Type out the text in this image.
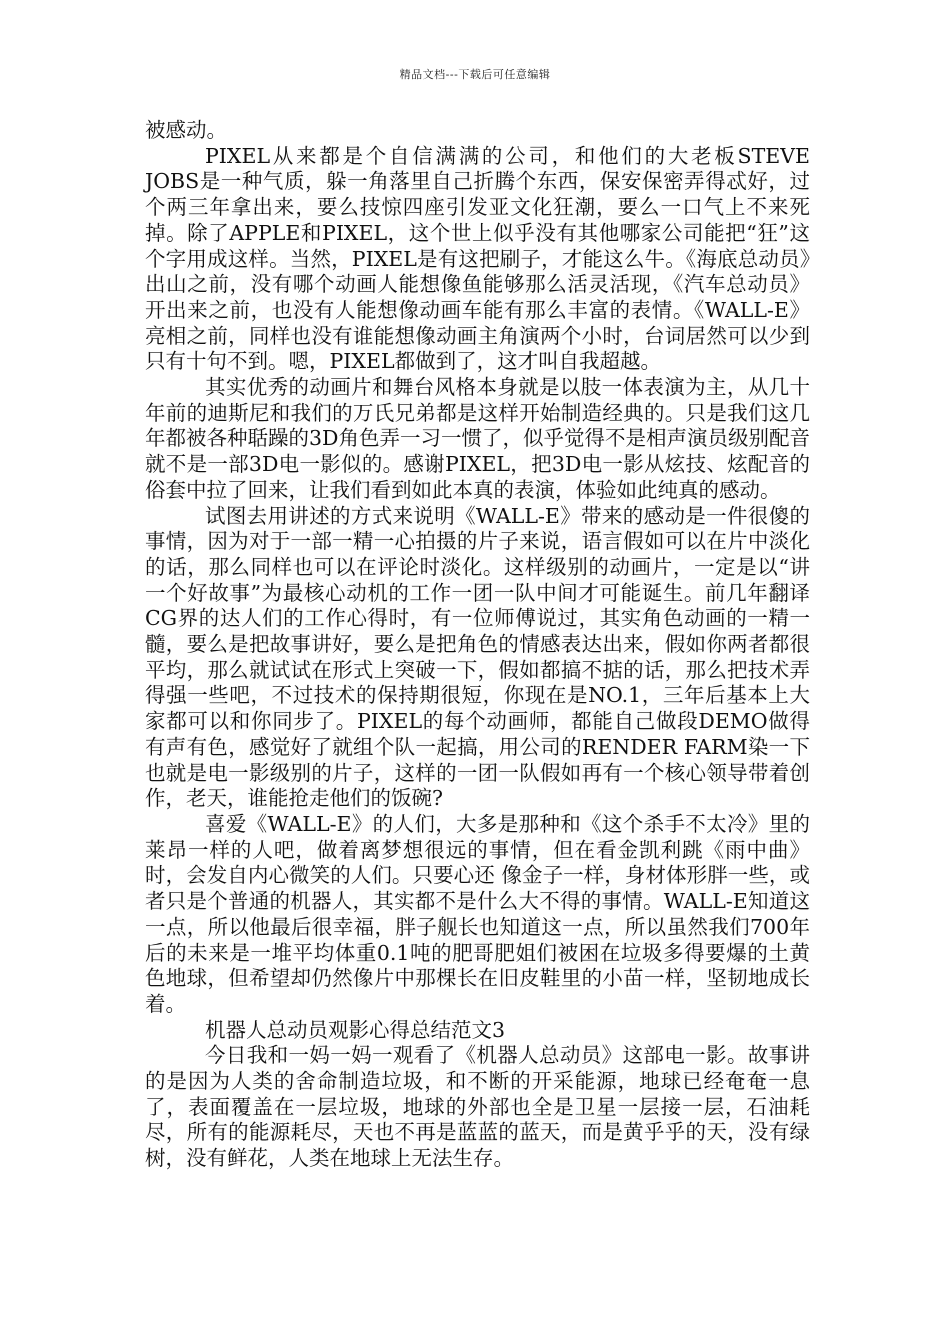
精品文档---下载后可任意编辑

被感动。

PIXEL从来都是个自信满满的公司，和他们的大老板STEVE JOBS是一种气质，躲一角落里自己折腾个东西，保安保密弄得忒好，过个两三年拿出来，要么技惊四座引发亚文化狂潮，要么一口气上不来死掉。除了APPLE和PIXEL，这个世上似乎没有其他哪家公司能把“狂”这个字用成这样。当然，PIXEL是有这把刷子，才能这么牛。《海底总动员》出山之前，没有哪个动画人能想像鱼能够那么活灵活现，《汽车总动员》开出来之前，也没有人能想像动画车能有那么丰富的表情。《WALL-E》亮相之前，同样也没有谁能想像动画主角演两个小时，台词居然可以少到只有十句不到。嗯，PIXEL都做到了，这才叫自我超越。

其实优秀的动画片和舞台风格本身就是以肢一体表演为主，从几十年前的迪斯尼和我们的万氏兄弟都是这样开始制造经典的。只是我们这几年都被各种聒躁的3D角色弄一习一惯了，似乎觉得不是相声演员级别配音就不是一部3D电一影似的。感谢PIXEL，把3D电一影从炫技、炫配音的俗套中拉了回来，让我们看到如此本真的表演，体验如此纯真的感动。

试图去用讲述的方式来说明《WALL-E》带来的感动是一件很傻的事情，因为对于一部一精一心拍摄的片子来说，语言假如可以在片中淡化的话，那么同样也可以在评论时淡化。这样级别的动画片，一定是以“讲一个好故事”为最核心动机的工作一团一队中间才可能诞生。前几年翻译CG界的达人们的工作心得时，有一位师傅说过，其实角色动画的一精一髓，要么是把故事讲好，要么是把角色的情感表达出来，假如你两者都很平均，那么就试试在形式上突破一下，假如都搞不掂的话，那么把技术弄得强一些吧，不过技术的保持期很短，你现在是NO.1，三年后基本上大家都可以和你同步了。PIXEL的每个动画师，都能自己做段DEMO做得有声有色，感觉好了就组个队一起搞，用公司的RENDER FARM染一下也就是电一影级别的片子，这样的一团一队假如再有一个核心领导带着创作，老天，谁能抢走他们的饭碗?

喜爱《WALL-E》的人们，大多是那种和《这个杀手不太冷》里的莱昂一样的人吧，做着离梦想很远的事情，但在看金凯利跳《雨中曲》时，会发自内心微笑的人们。只要心还 像金子一样，身材体形胖一些，或者只是个普通的机器人，其实都不是什么大不得的事情。WALL-E知道这一点，所以他最后很幸福，胖子舰长也知道这一点，所以虽然我们700年后的未来是一堆平均体重0.1吨的肥哥肥姐们被困在垃圾多得要爆的土黄色地球，但希望却仍然像片中那棵长在旧皮鞋里的小苗一样，坚韧地成长着。

机器人总动员观影心得总结范文3

今日我和一妈一妈一观看了《机器人总动员》这部电一影。故事讲的是因为人类的舍命制造垃圾，和不断的开采能源，地球已经奄奄一息了，表面覆盖在一层垃圾，地球的外部也全是卫星一层接一层，石油耗尽，所有的能源耗尽，天也不再是蓝蓝的蓝天，而是黄乎乎的天，没有绿树，没有鲜花，人类在地球上无法生存。
